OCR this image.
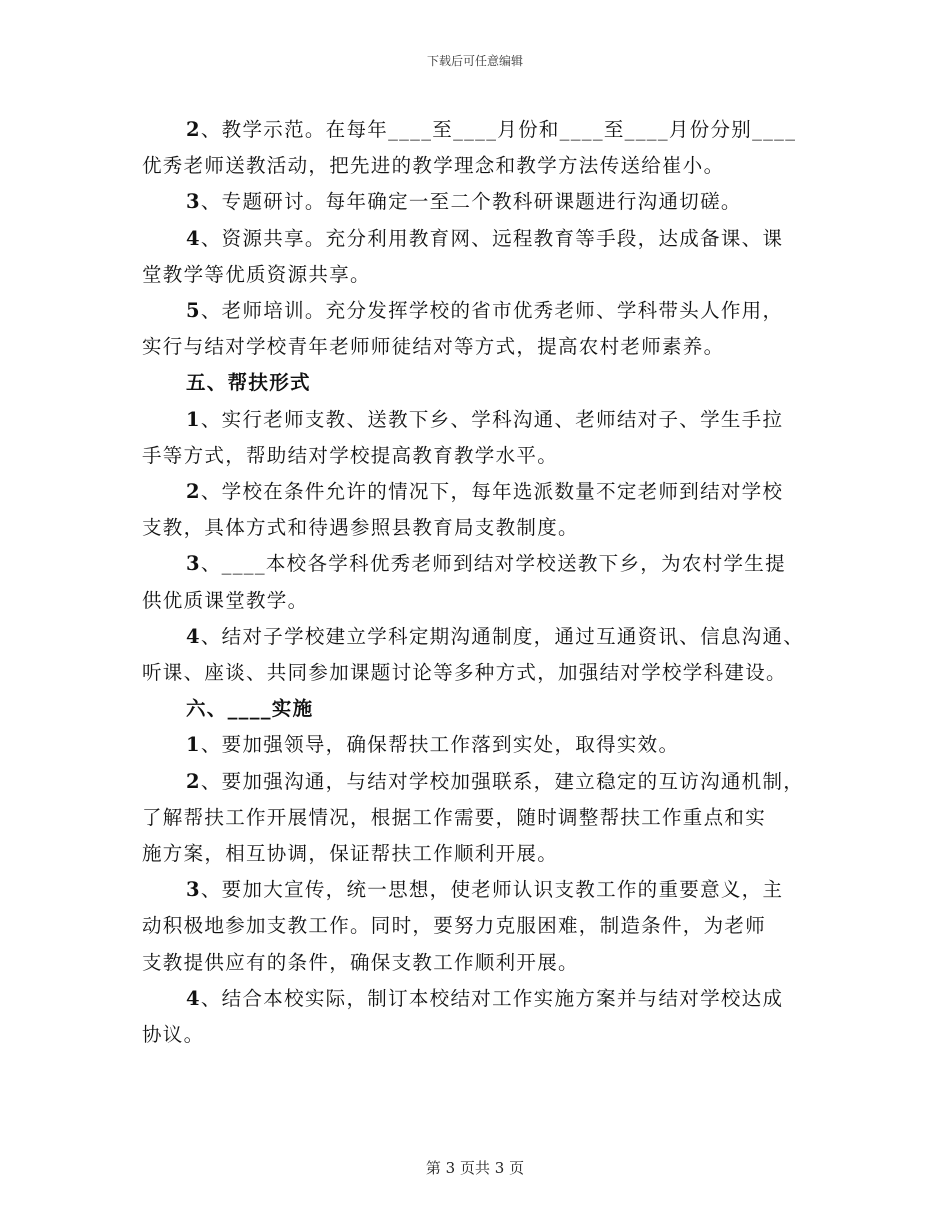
下载后可任意编辑

2、教学示范。在每年____至____月份和____至____月份分别____

优秀老师送教活动，把先进的教学理念和教学方法传送给崔小。

3、专题研讨。每年确定一至二个教科研课题进行沟通切磋。

4、资源共享。充分利用教育网、远程教育等手段，达成备课、课

堂教学等优质资源共享。

5、老师培训。充分发挥学校的省市优秀老师、学科带头人作用，

实行与结对学校青年老师师徒结对等方式，提高农村老师素养。

五、帮扶形式

1、实行老师支教、送教下乡、学科沟通、老师结对子、学生手拉

手等方式，帮助结对学校提高教育教学水平。

2、学校在条件允许的情况下，每年选派数量不定老师到结对学校

支教，具体方式和待遇参照县教育局支教制度。

3、____本校各学科优秀老师到结对学校送教下乡，为农村学生提

供优质课堂教学。

4、结对子学校建立学科定期沟通制度，通过互通资讯、信息沟通、

听课、座谈、共同参加课题讨论等多种方式，加强结对学校学科建设。

六、____实施

1、要加强领导，确保帮扶工作落到实处，取得实效。

2、要加强沟通，与结对学校加强联系，建立稳定的互访沟通机制，

了解帮扶工作开展情况，根据工作需要，随时调整帮扶工作重点和实

施方案，相互协调，保证帮扶工作顺利开展。

3、要加大宣传，统一思想，使老师认识支教工作的重要意义，主

动积极地参加支教工作。同时，要努力克服困难，制造条件，为老师

支教提供应有的条件，确保支教工作顺利开展。

4、结合本校实际，制订本校结对工作实施方案并与结对学校达成

协议。

第 3 页共 3 页
